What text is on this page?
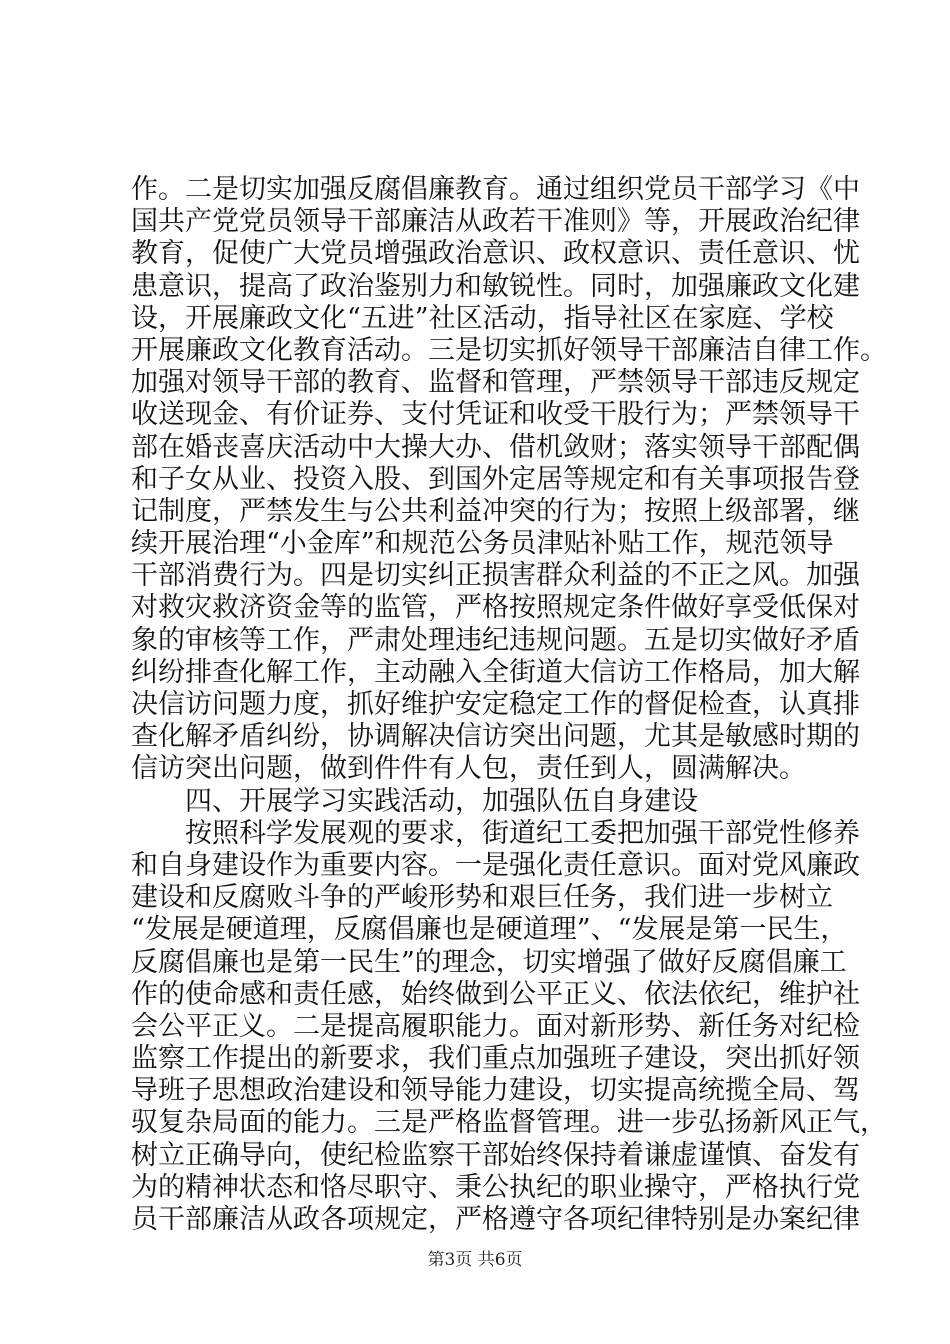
作。二是切实加强反腐倡廉教育。通过组织党员干部学习《中
国共产党党员领导干部廉洁从政若干准则》等，开展政治纪律
教育，促使广大党员增强政治意识、政权意识、责任意识、忧
患意识，提高了政治鉴别力和敏锐性。同时，加强廉政文化建
设，开展廉政文化“五进”社区活动，指导社区在家庭、学校
开展廉政文化教育活动。三是切实抓好领导干部廉洁自律工作。
加强对领导干部的教育、监督和管理，严禁领导干部违反规定
收送现金、有价证券、支付凭证和收受干股行为；严禁领导干
部在婚丧喜庆活动中大操大办、借机敛财；落实领导干部配偶
和子女从业、投资入股、到国外定居等规定和有关事项报告登
记制度，严禁发生与公共利益冲突的行为；按照上级部署，继
续开展治理“小金库”和规范公务员津贴补贴工作，规范领导
干部消费行为。四是切实纠正损害群众利益的不正之风。加强
对救灾救济资金等的监管，严格按照规定条件做好享受低保对
象的审核等工作，严肃处理违纪违规问题。五是切实做好矛盾
纠纷排查化解工作，主动融入全街道大信访工作格局，加大解
决信访问题力度，抓好维护安定稳定工作的督促检查，认真排
查化解矛盾纠纷，协调解决信访突出问题，尤其是敏感时期的
信访突出问题，做到件件有人包，责任到人，圆满解决。
四、开展学习实践活动，加强队伍自身建设
按照科学发展观的要求，街道纪工委把加强干部党性修养
和自身建设作为重要内容。一是强化责任意识。面对党风廉政
建设和反腐败斗争的严峻形势和艰巨任务，我们进一步树立
“发展是硬道理，反腐倡廉也是硬道理”、“发展是第一民生，
反腐倡廉也是第一民生”的理念，切实增强了做好反腐倡廉工
作的使命感和责任感，始终做到公平正义、依法依纪，维护社
会公平正义。二是提高履职能力。面对新形势、新任务对纪检
监察工作提出的新要求，我们重点加强班子建设，突出抓好领
导班子思想政治建设和领导能力建设，切实提高统揽全局、驾
驭复杂局面的能力。三是严格监督管理。进一步弘扬新风正气，
树立正确导向，使纪检监察干部始终保持着谦虚谨慎、奋发有
为的精神状态和恪尽职守、秉公执纪的职业操守，严格执行党
员干部廉洁从政各项规定，严格遵守各项纪律特别是办案纪律
第3页 共6页
